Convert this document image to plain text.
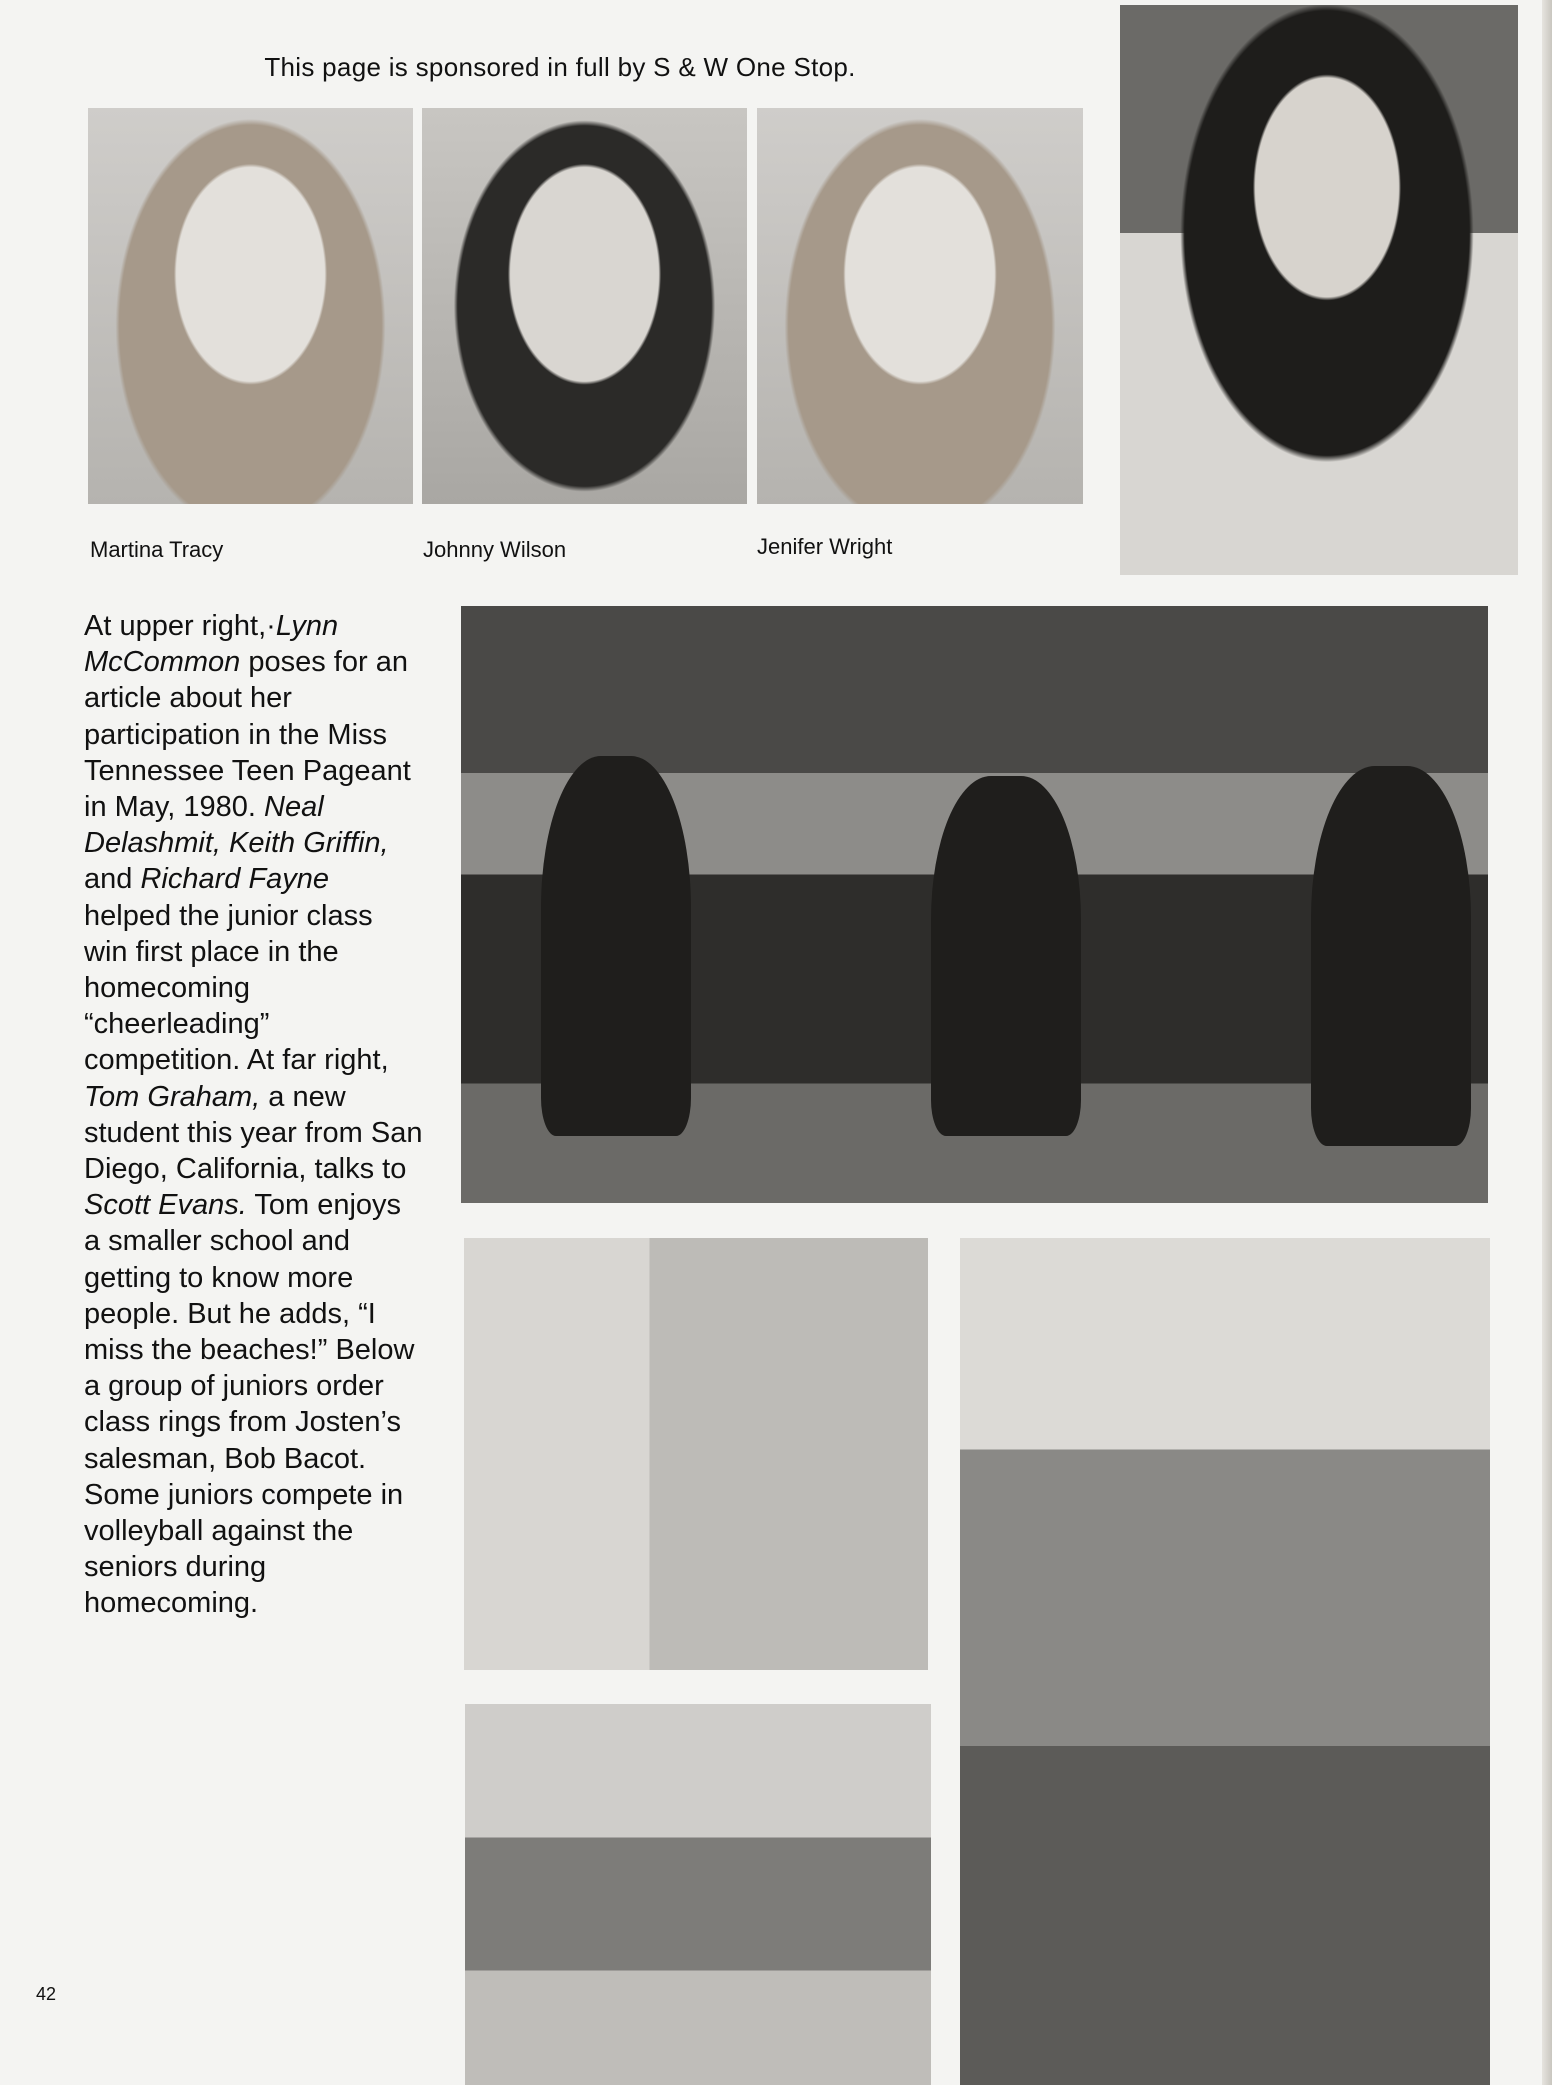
This page is sponsored in full by S & W One Stop.
Martina Tracy	Johnny Wilson	Jenifer Wright
At upper right,·Lynn McCommon poses for an article about her participation in the Miss Tennessee Teen Pageant in May, 1980. Neal Delashmit, Keith Griffin, and Richard Fayne helped the junior class win first place in the homecoming “cheerleading” competition. At far right, Tom Graham, a new student this year from San Diego, California, talks to Scott Evans. Tom enjoys a smaller school and getting to know more people. But he adds, “I miss the beaches!” Below a group of juniors order class rings from Josten’s salesman, Bob Bacot. Some juniors compete in volleyball against the seniors during homecoming.
42
